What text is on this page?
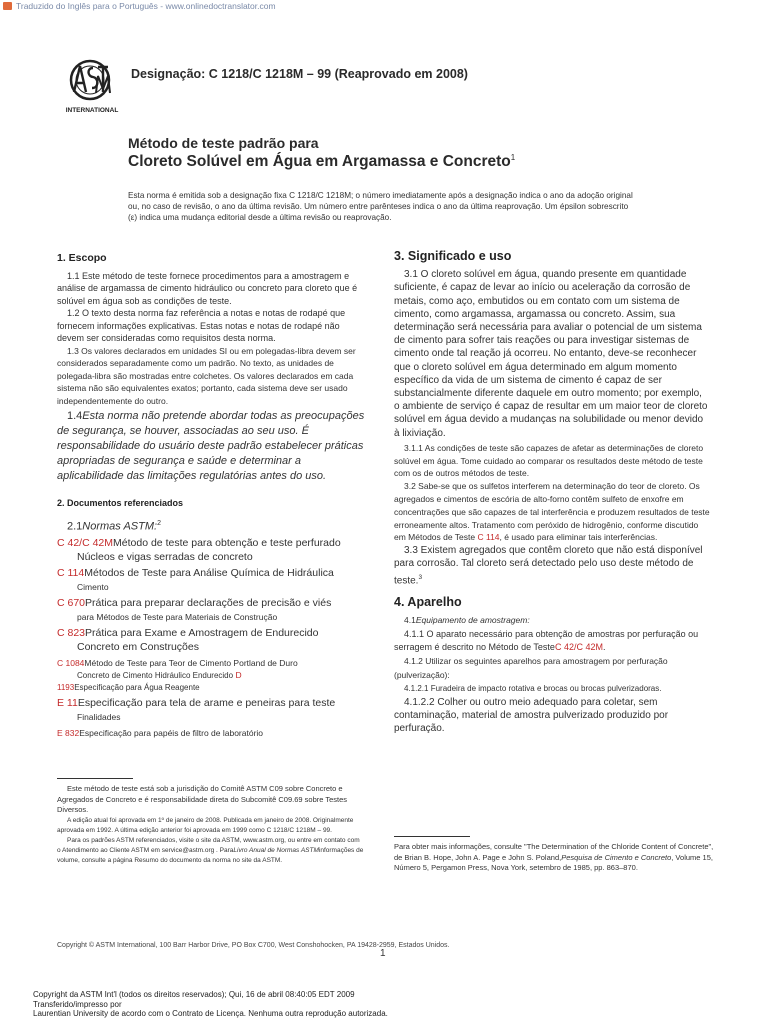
Traduzido do Inglês para o Português - www.onlinedoctranslator.com
INTERNATIONAL
Designação: C 1218/C 1218M – 99 (Reaprovado em 2008)
Método de teste padrão para
Cloreto Solúvel em Água em Argamassa e Concreto$^1$
Esta norma é emitida sob a designação fixa C 1218/C 1218M; o número imediatamente após a designação indica o ano da adoção original ou, no caso de revisão, o ano da última revisão. Um número entre parênteses indica o ano da última reaprovação. Um épsilon sobrescrito (ε) indica uma mudança editorial desde a última revisão ou reaprovação.

1. Escopo

1.1 Este método de teste fornece procedimentos para a amostragem e análise de argamassa de cimento hidráulico ou concreto para cloreto que é solúvel em água sob as condições de teste.

1.2 O texto desta norma faz referência a notas e notas de rodapé que fornecem informações explicativas. Estas notas e notas de rodapé não devem ser consideradas como requisitos desta norma.

1.3 Os valores declarados em unidades SI ou em polegadas-libra devem ser considerados separadamente como um padrão. No texto, as unidades de polegada-libra são mostradas entre colchetes. Os valores declarados em cada sistema não são equivalentes exatos; portanto, cada sistema deve ser usado independentemente do outro.

1.4Esta norma não pretende abordar todas as preocupações de segurança, se houver, associadas ao seu uso. É responsabilidade do usuário deste padrão estabelecer práticas apropriadas de segurança e saúde e determinar a aplicabilidade das limitações regulatórias antes do uso.

2. Documentos referenciados

2.1Normas ASTM:$^2$

C 42/C 42MMétodo de teste para obtenção e teste perfurado
Núcleos e vigas serradas de concreto
C 114Métodos de Teste para Análise Química de Hidráulica
Cimento
C 670Prática para preparar declarações de precisão e viés
para Métodos de Teste para Materiais de Construção
C 823Prática para Exame e Amostragem de Endurecido
Concreto em Construções
C 1084Método de Teste para Teor de Cimento Portland de Duro
Concreto de Cimento Hidráulico Endurecido D
1193Especificação para Água Reagente
E 11Especificação para tela de arame e peneiras para teste
Finalidades
E 832Especificação para papéis de filtro de laboratório
Este método de teste está sob a jurisdição do Comitê ASTM C09 sobre Concreto e Agregados de Concreto e é responsabilidade direta do Subcomitê C09.69 sobre Testes Diversos.
A edição atual foi aprovada em 1º de janeiro de 2008. Publicada em janeiro de 2008. Originalmente aprovada em 1992. A última edição anterior foi aprovada em 1999 como C 1218/C 1218M – 99.
Para os padrões ASTM referenciados, visite o site da ASTM, www.astm.org, ou entre em contato com o Atendimento ao Cliente ASTM em service@astm.org . ParaLivro Anual de Normas ASTMinformações de volume, consulte a página Resumo do documento da norma no site da ASTM.

3. Significado e uso

3.1 O cloreto solúvel em água, quando presente em quantidade suficiente, é capaz de levar ao início ou aceleração da corrosão de metais, como aço, embutidos ou em contato com um sistema de cimento, como argamassa, argamassa ou concreto. Assim, sua determinação será necessária para avaliar o potencial de um sistema de cimento para sofrer tais reações ou para investigar sistemas de cimento onde tal reação já ocorreu. No entanto, deve-se reconhecer que o cloreto solúvel em água determinado em algum momento específico da vida de um sistema de cimento é capaz de ser substancialmente diferente daquele em outro momento; por exemplo, o ambiente de serviço é capaz de resultar em um maior teor de cloreto solúvel em água devido a mudanças na solubilidade ou menor devido à lixiviação.

3.1.1 As condições de teste são capazes de afetar as determinações de cloreto solúvel em água. Tome cuidado ao comparar os resultados deste método de teste com os de outros métodos de teste.

3.2 Sabe-se que os sulfetos interferem na determinação do teor de cloreto. Os agregados e cimentos de escória de alto-forno contêm sulfeto de enxofre em concentrações que são capazes de tal interferência e produzem resultados de teste erroneamente altos. Tratamento com peróxido de hidrogênio, conforme discutido em Métodos de Teste C 114, é usado para eliminar tais interferências.

3.3 Existem agregados que contêm cloreto que não está disponível para corrosão. Tal cloreto será detectado pelo uso deste método de teste.$^3$

4. Aparelho

4.1Equipamento de amostragem:

4.1.1 O aparato necessário para obtenção de amostras por perfuração ou serragem é descrito no Método de TesteC 42/C 42M.

4.1.2 Utilizar os seguintes aparelhos para amostragem por perfuração (pulverização):

4.1.2.1 Furadeira de impacto rotativa e brocas ou brocas pulverizadoras.

4.1.2.2 Colher ou outro meio adequado para coletar, sem contaminação, material de amostra pulverizado produzido por perfuração.

Para obter mais informações, consulte "The Determination of the Chloride Content of Concrete", de Brian B. Hope, John A. Page e John S. Poland,Pesquisa de Cimento e Concreto, Volume 15, Número 5, Pergamon Press, Nova York, setembro de 1985, pp. 863–870.
Copyright © ASTM International, 100 Barr Harbor Drive, PO Box C700, West Conshohocken, PA 19428-2959, Estados Unidos.
1
Copyright da ASTM Int'l (todos os direitos reservados); Qui, 16 de abril 08:40:05 EDT 2009
Transferido/impresso por
Laurentian University de acordo com o Contrato de Licença. Nenhuma outra reprodução autorizada.
